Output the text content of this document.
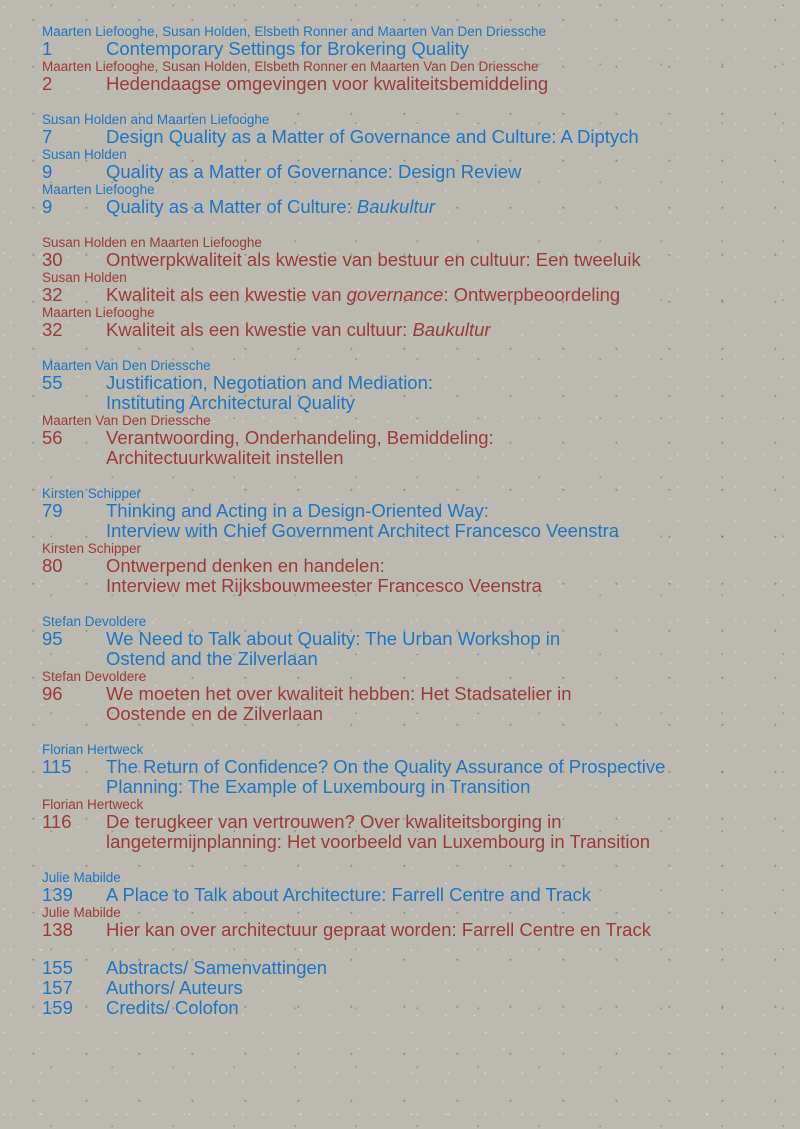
Maarten Liefooghe, Susan Holden, Elsbeth Ronner and Maarten Van Den Driessche
1	Contemporary Settings for Brokering Quality
Maarten Liefooghe, Susan Holden, Elsbeth Ronner en Maarten Van Den Driessche
2	Hedendaagse omgevingen voor kwaliteitsbemiddeling
Susan Holden and Maarten Liefooghe
7	Design Quality as a Matter of Governance and Culture: A Diptych
Susan Holden
9	Quality as a Matter of Governance: Design Review
Maarten Liefooghe
9	Quality as a Matter of Culture: Baukultur
Susan Holden en Maarten Liefooghe
30	Ontwerpkwaliteit als kwestie van bestuur en cultuur: Een tweeluik
Susan Holden
32	Kwaliteit als een kwestie van governance: Ontwerpbeoordeling
Maarten Liefooghe
32	Kwaliteit als een kwestie van cultuur: Baukultur
Maarten Van Den Driessche
55	Justification, Negotiation and Mediation:
Instituting Architectural Quality
Maarten Van Den Driessche
56	Verantwoording, Onderhandeling, Bemiddeling:
Architectuurkwaliteit instellen
Kirsten Schipper
79	Thinking and Acting in a Design-Oriented Way:
Interview with Chief Government Architect Francesco Veenstra
Kirsten Schipper
80	Ontwerpend denken en handelen:
Interview met Rijksbouwmeester Francesco Veenstra
Stefan Devoldere
95	We Need to Talk about Quality: The Urban Workshop in
Ostend and the Zilverlaan
Stefan Devoldere
96	We moeten het over kwaliteit hebben: Het Stadsatelier in
Oostende en de Zilverlaan
Florian Hertweck
115	The Return of Confidence? On the Quality Assurance of Prospective
Planning: The Example of Luxembourg in Transition
Florian Hertweck
116	De terugkeer van vertrouwen? Over kwaliteitsborging in
langetermijnplanning: Het voorbeeld van Luxembourg in Transition
Julie Mabilde
139	A Place to Talk about Architecture: Farrell Centre and Track
Julie Mabilde
138	Hier kan over architectuur gepraat worden: Farrell Centre en Track
155	Abstracts/ Samenvattingen
157	Authors/ Auteurs
159	Credits/ Colofon
